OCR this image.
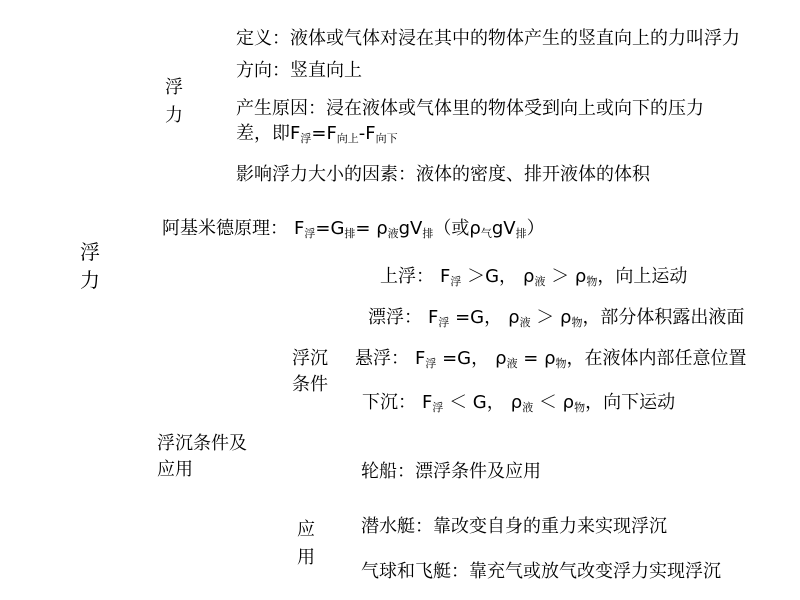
浮
力
浮
力
定义：液体或气体对浸在其中的物体产生的竖直向上的力叫浮力
方向：竖直向上
产生原因：浸在液体或气体里的物体受到向上或向下的压力
差，即$F_浮=F_{向上}-F_{向下}$
影响浮力大小的因素：液体的密度、排开液体的体积
阿基米德原理： $F_浮=G_排= \rho_液gV_排$（或$\rho_气gV_排$）
浮沉条件及
应用
浮沉
条件
上浮： $F_浮 >G$， $\rho_液 > \rho_物$，向上运动
漂浮： $F_浮 =G$， $\rho_液 > \rho_物$，部分体积露出液面
悬浮： $F_浮 =G$， $\rho_液 = \rho_物$，在液体内部任意位置
下沉： $F_浮 < G$， $\rho_液 < \rho_物$，向下运动
应
用
轮船：漂浮条件及应用
潜水艇：靠改变自身的重力来实现浮沉
气球和飞艇：靠充气或放气改变浮力实现浮沉
